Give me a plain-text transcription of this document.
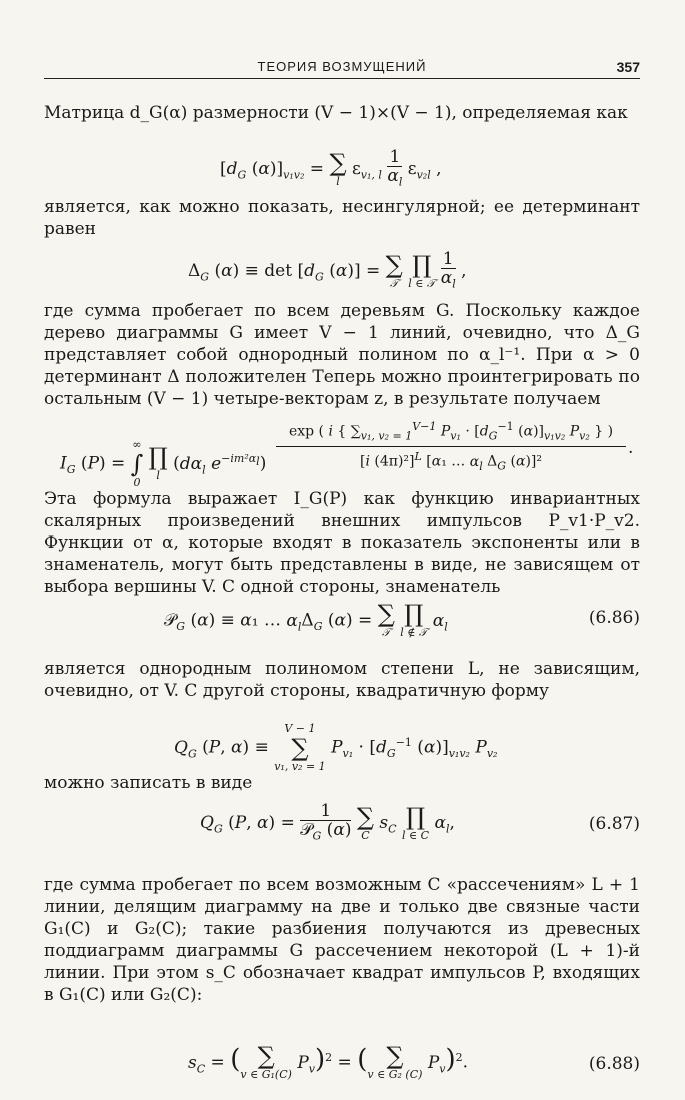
ТЕОРИЯ ВОЗМУЩЕНИЙ	357

Матрица d_G(α) размерности (V − 1)×(V − 1), определяемая как

[$d_G$ $(\alpha)]_{v_1v_2}$ = ∑
l
$\varepsilon_{v_1, l} \frac{1}{\alpha_l} \varepsilon_{v_2l}$ ,

является, как можно показать, несингулярной; ее детерминант равен

$\Delta_G$ $(\alpha) \equiv \det [d_G$ (α)] = ∑
𝒯

∏
l ∈ 𝒯
$\frac{1}{\alpha_l}$ ,

где сумма пробегает по всем деревьям G. Поскольку каждое дерево диаграммы G имеет V − 1 линий, очевидно, что Δ_G представляет собой однородный полином по α_l⁻¹. При α > 0 детерминант Δ положителен Теперь можно проинтегрировать по остальным (V − 1) четыре-векторам z, в результате получаем

$I_G$ (P) =
∞
∫
0

∏
l
($d\alpha_l$ $e^{-im^2\alpha_l}$)
exp ( i { $\sum_{v_1, v_2 = 1}^{V-1}$ $P_{v_1} \cdot [d_G^{-1}$ $(\alpha)]_{v_1v_2}$ $P_{v_2}$ } )
[i (4π)²]$^L$ [α₁ … $\alpha_l$ $\Delta_G$ (α)]²
.

Эта формула выражает I_G(P) как функцию инвариантных скалярных произведений внешних импульсов P_v1·P_v2. Функции от α, которые входят в показатель экспоненты или в знаменатель, могут быть представлены в виде, не зависящем от выбора вершины V. С одной стороны, знаменатель

𝒫$_G$ (α) ≡ α₁ … $\alpha_l\Delta_G$ (α) = ∑
𝒯

∏
l ∉ 𝒯
$\alpha_l$	(6.86)

является однородным полиномом степени L, не зависящим, очевидно, от V. С другой стороны, квадратичную форму

$Q_G$ (P, α) ≡
V − 1
∑
v₁, v₂ = 1
$P_{v_1} \cdot [d_G^{-1}$ $(\alpha)]_{v_1v_2}$ $P_{v_2}$

можно записать в виде

$Q_G$ (P, $\alpha) = \frac{1}{𝒫_G (\alpha)}$
∑
C
$s_C$ ∏
l ∈ C
$\alpha_l$,	(6.87)

где сумма пробегает по всем возможным C «рассечениям» L + 1 линии, делящим диаграмму на две и только две связные части G₁(C) и G₂(C); такие разбиения получаются из древесных поддиаграмм диаграммы G рассечением некоторой (L + 1)-й линии. При этом s_C обозначает квадрат импульсов P, входящих в G₁(C) или G₂(C):

$s_C$ = ( ∑
v ∈ G₁(C)
$P_v)^2$ = ( ∑
v ∈ G₂ (C)
$P_v)^2$.	(6.88)
